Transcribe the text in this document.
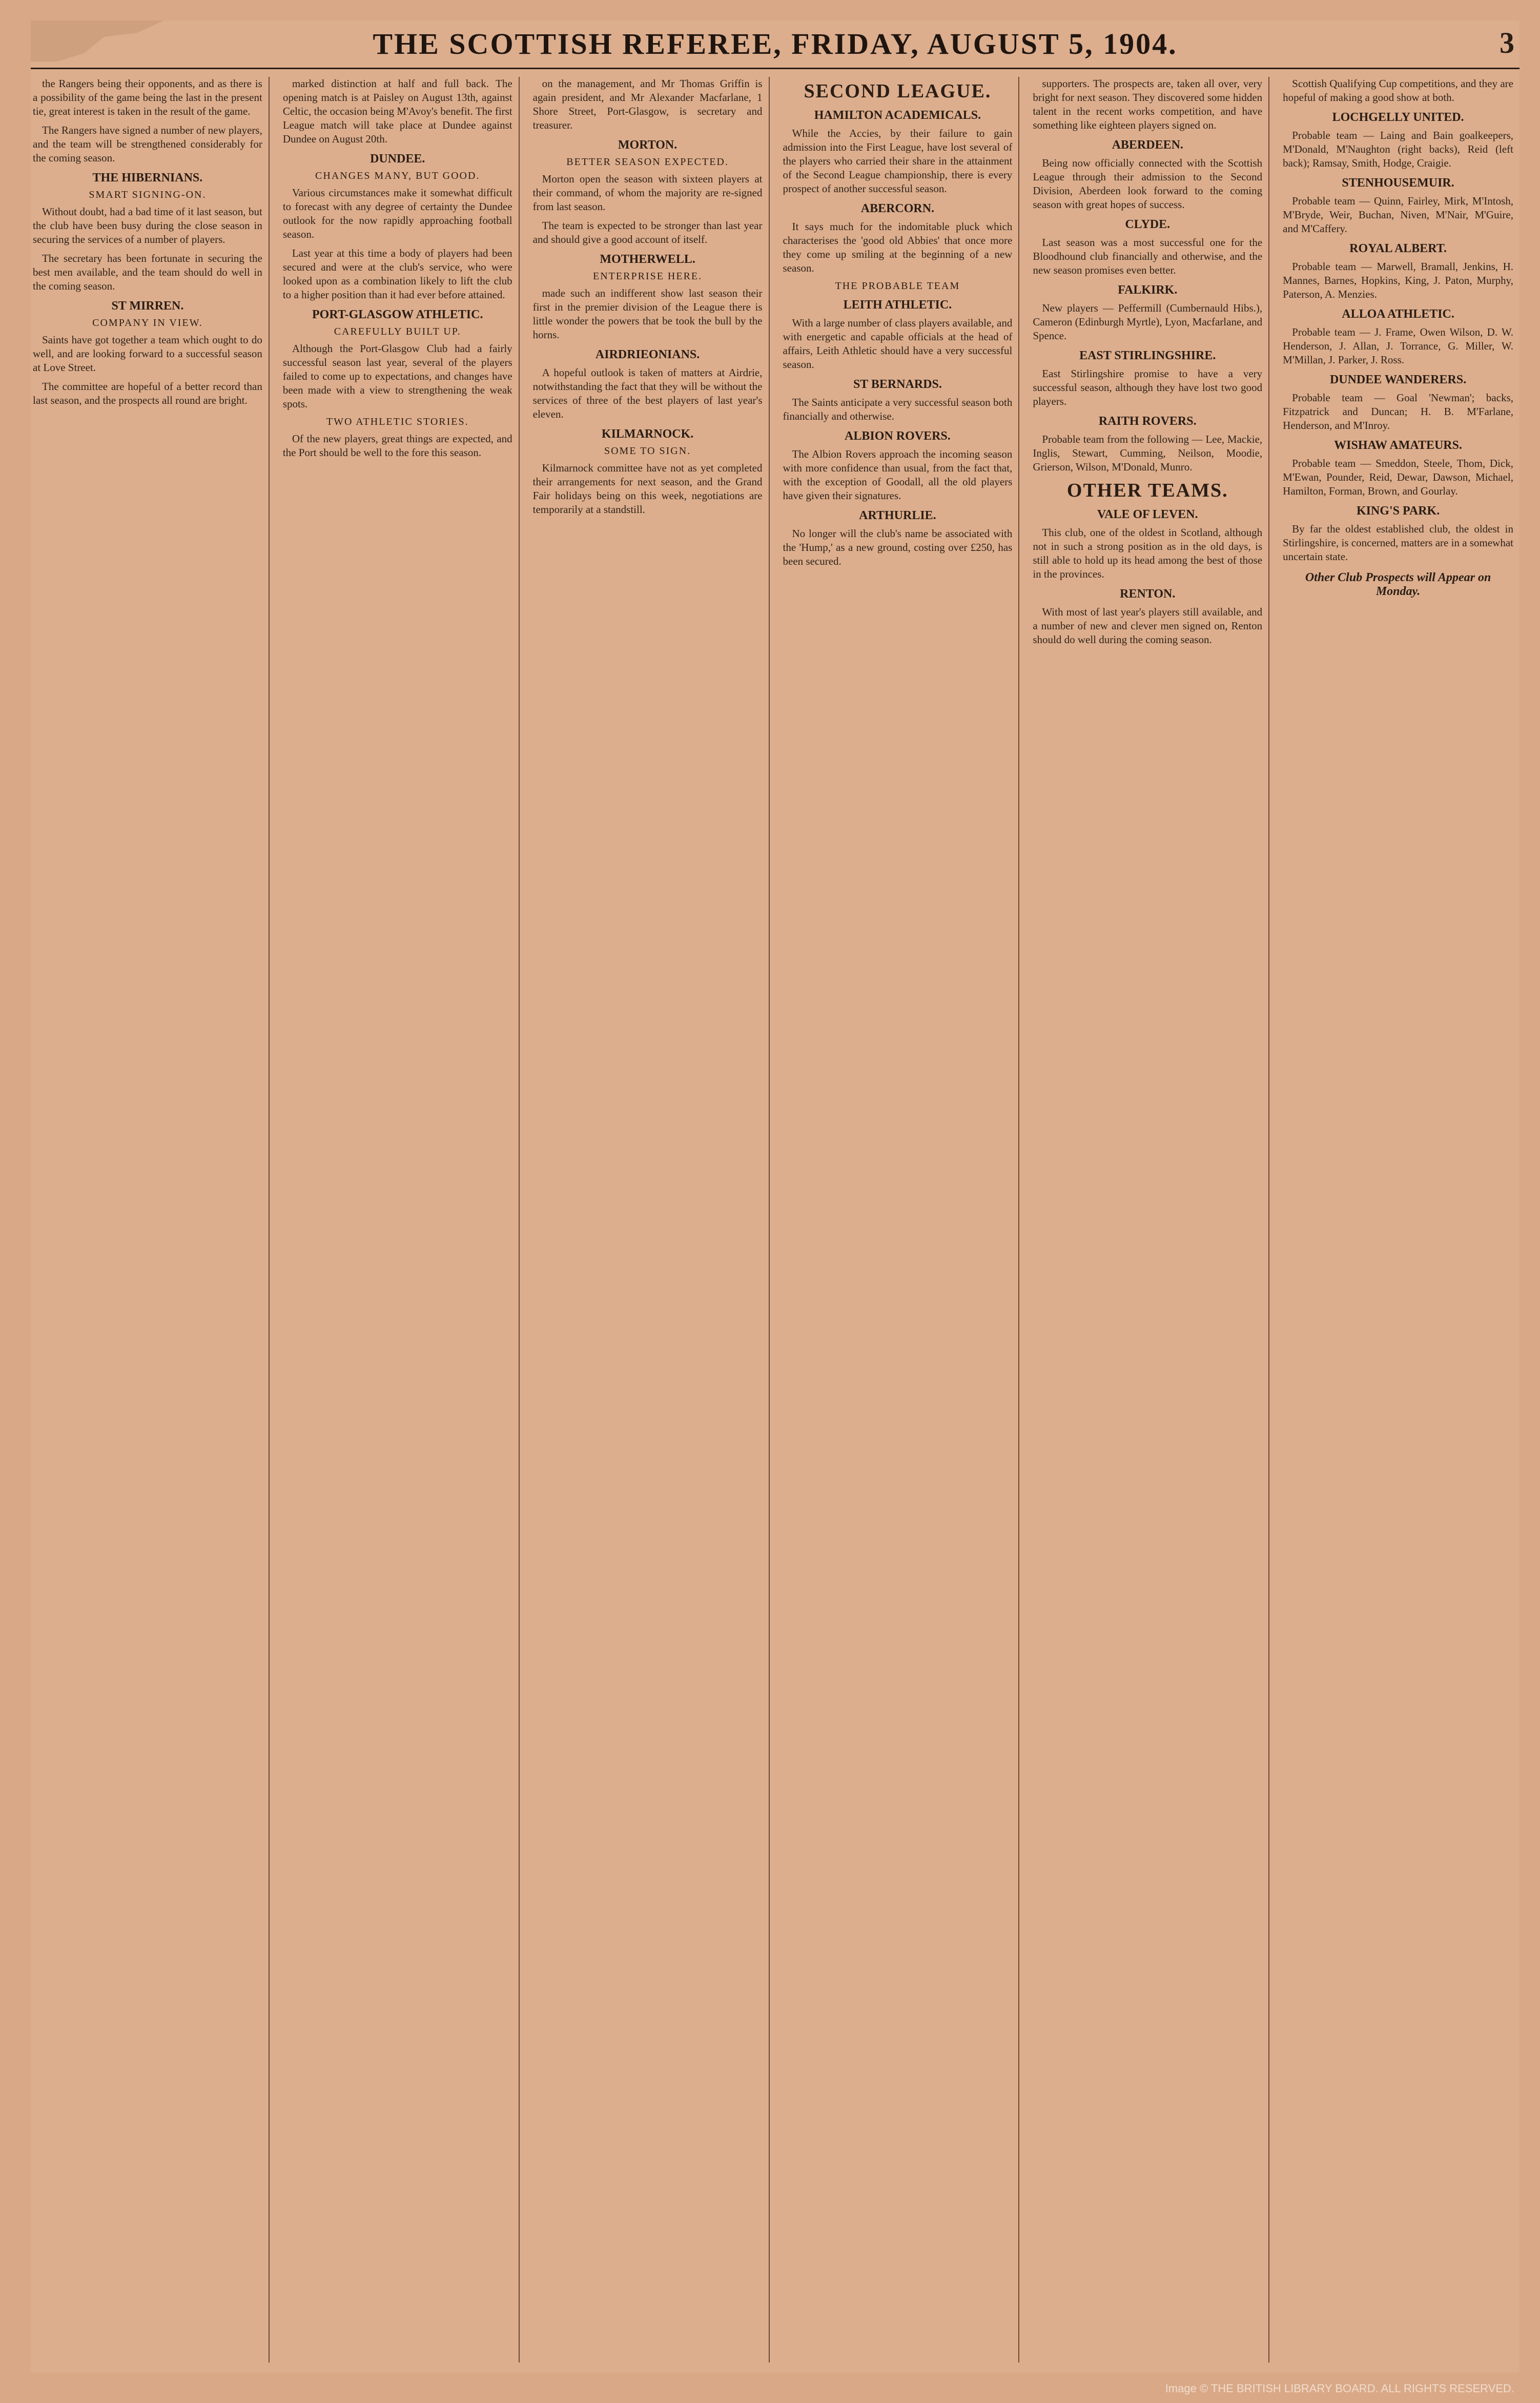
THE SCOTTISH REFEREE, FRIDAY, AUGUST 5, 1904.	3

the Rangers being their opponents, and as there is a possibility of the game being the last in the present tie, great interest is taken in the result of the game.

The Rangers have signed a number of new players, and the team will be strengthened considerably for the coming season.

THE HIBERNIANS.
SMART SIGNING-ON.

Without doubt, had a bad time of it last season, but the club have been busy during the close season in securing the services of a number of players.

The secretary has been fortunate in securing the best men available, and the team should do well in the coming season.

ST MIRREN.
COMPANY IN VIEW.

Saints have got together a team which ought to do well, and are looking forward to a successful season at Love Street.

The committee are hopeful of a better record than last season, and the prospects all round are bright.

marked distinction at half and full back. The opening match is at Paisley on August 13th, against Celtic, the occasion being M'Avoy's benefit. The first League match will take place at Dundee against Dundee on August 20th.

DUNDEE.
CHANGES MANY, BUT GOOD.

Various circumstances make it somewhat difficult to forecast with any degree of certainty the Dundee outlook for the now rapidly approaching football season.

Last year at this time a body of players had been secured and were at the club's service, who were looked upon as a combination likely to lift the club to a higher position than it had ever before attained.

PORT-GLASGOW ATHLETIC.
CAREFULLY BUILT UP.

Although the Port-Glasgow Club had a fairly successful season last year, several of the players failed to come up to expectations, and changes have been made with a view to strengthening the weak spots.

TWO ATHLETIC STORIES.

Of the new players, great things are expected, and the Port should be well to the fore this season.

on the management, and Mr Thomas Griffin is again president, and Mr Alexander Macfarlane, 1 Shore Street, Port-Glasgow, is secretary and treasurer.

MORTON.
BETTER SEASON EXPECTED.

Morton open the season with sixteen players at their command, of whom the majority are re-signed from last season.

The team is expected to be stronger than last year and should give a good account of itself.

MOTHERWELL.
ENTERPRISE HERE.

made such an indifferent show last season their first in the premier division of the League there is little wonder the powers that be took the bull by the horns.

AIRDRIEONIANS.

A hopeful outlook is taken of matters at Airdrie, notwithstanding the fact that they will be without the services of three of the best players of last year's eleven.

KILMARNOCK.
SOME TO SIGN.

Kilmarnock committee have not as yet completed their arrangements for next season, and the Grand Fair holidays being on this week, negotiations are temporarily at a standstill.

SECOND LEAGUE.
HAMILTON ACADEMICALS.

While the Accies, by their failure to gain admission into the First League, have lost several of the players who carried their share in the attainment of the Second League championship, there is every prospect of another successful season.

ABERCORN.

It says much for the indomitable pluck which characterises the 'good old Abbies' that once more they come up smiling at the beginning of a new season.

THE PROBABLE TEAM
LEITH ATHLETIC.

With a large number of class players available, and with energetic and capable officials at the head of affairs, Leith Athletic should have a very successful season.

ST BERNARDS.

The Saints anticipate a very successful season both financially and otherwise.

ALBION ROVERS.

The Albion Rovers approach the incoming season with more confidence than usual, from the fact that, with the exception of Goodall, all the old players have given their signatures.

ARTHURLIE.

No longer will the club's name be associated with the 'Hump,' as a new ground, costing over £250, has been secured.

supporters. The prospects are, taken all over, very bright for next season. They discovered some hidden talent in the recent works competition, and have something like eighteen players signed on.

ABERDEEN.

Being now officially connected with the Scottish League through their admission to the Second Division, Aberdeen look forward to the coming season with great hopes of success.

CLYDE.

Last season was a most successful one for the Bloodhound club financially and otherwise, and the new season promises even better.

FALKIRK.

New players — Peffermill (Cumbernauld Hibs.), Cameron (Edinburgh Myrtle), Lyon, Macfarlane, and Spence.

EAST STIRLINGSHIRE.

East Stirlingshire promise to have a very successful season, although they have lost two good players.

RAITH ROVERS.

Probable team from the following — Lee, Mackie, Inglis, Stewart, Cumming, Neilson, Moodie, Grierson, Wilson, M'Donald, Munro.

OTHER TEAMS.
VALE OF LEVEN.

This club, one of the oldest in Scotland, although not in such a strong position as in the old days, is still able to hold up its head among the best of those in the provinces.

RENTON.

With most of last year's players still available, and a number of new and clever men signed on, Renton should do well during the coming season.

Scottish Qualifying Cup competitions, and they are hopeful of making a good show at both.

LOCHGELLY UNITED.

Probable team — Laing and Bain goalkeepers, M'Donald, M'Naughton (right backs), Reid (left back); Ramsay, Smith, Hodge, Craigie.

STENHOUSEMUIR.

Probable team — Quinn, Fairley, Mirk, M'Intosh, M'Bryde, Weir, Buchan, Niven, M'Nair, M'Guire, and M'Caffery.

ROYAL ALBERT.

Probable team — Marwell, Bramall, Jenkins, H. Mannes, Barnes, Hopkins, King, J. Paton, Murphy, Paterson, A. Menzies.

ALLOA ATHLETIC.

Probable team — J. Frame, Owen Wilson, D. W. Henderson, J. Allan, J. Torrance, G. Miller, W. M'Millan, J. Parker, J. Ross.

DUNDEE WANDERERS.

Probable team — Goal 'Newman'; backs, Fitzpatrick and Duncan; H. B. M'Farlane, Henderson, and M'Inroy.

WISHAW AMATEURS.

Probable team — Smeddon, Steele, Thom, Dick, M'Ewan, Pounder, Reid, Dewar, Dawson, Michael, Hamilton, Forman, Brown, and Gourlay.

KING'S PARK.

By far the oldest established club, the oldest in Stirlingshire, is concerned, matters are in a somewhat uncertain state.

Other Club Prospects will Appear on Monday.
Image © THE BRITISH LIBRARY BOARD. ALL RIGHTS RESERVED.
